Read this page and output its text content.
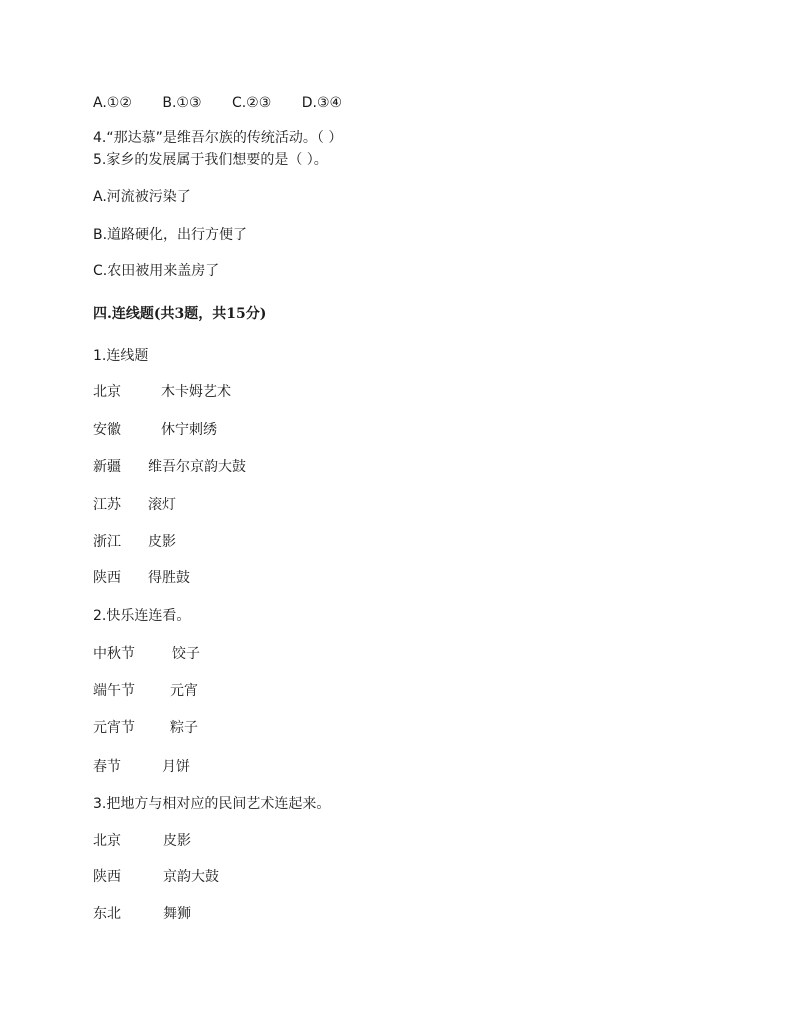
A.①② B.①③ C.②③ D.③④
4.“那达慕”是维吾尔族的传统活动。（ ）
5.家乡的发展属于我们想要的是（ ）。
A.河流被污染了
B.道路硬化，出行方便了
C.农田被用来盖房了
四.连线题(共3题，共15分)
1.连线题
北京	木卡姆艺术
安徽	休宁刺绣
新疆 维吾尔京韵大鼓
江苏 滚灯
浙江 皮影
陕西 得胜鼓
2.快乐连连看。
中秋节	饺子
端午节	元宵
元宵节	粽子
春节	月饼
3.把地方与相对应的民间艺术连起来。
北京	皮影
陕西	京韵大鼓
东北	舞狮
